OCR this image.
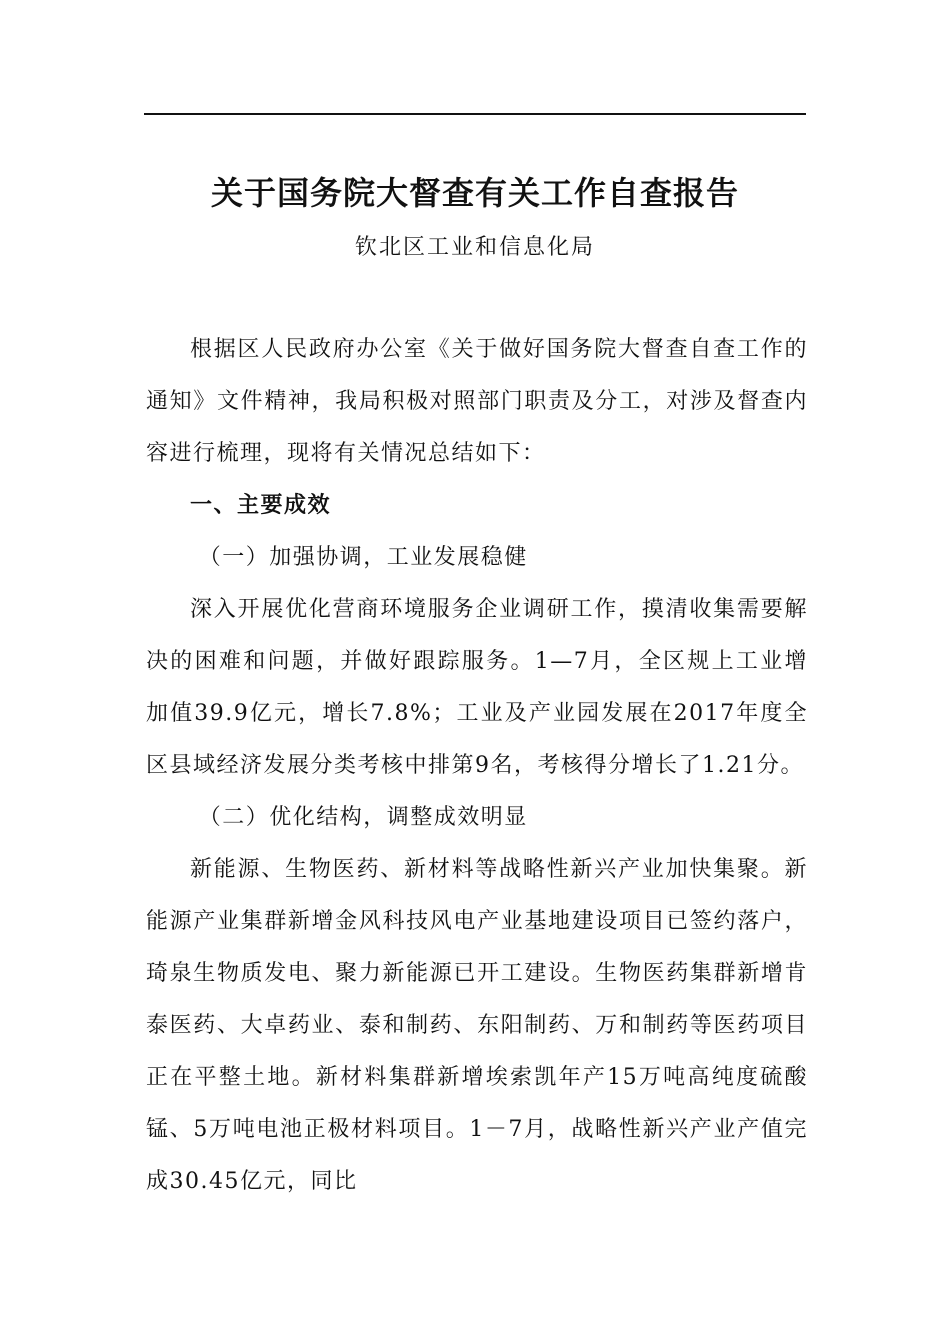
关于国务院大督查有关工作自查报告
钦北区工业和信息化局

根据区人民政府办公室《关于做好国务院大督查自查工作的通知》文件精神，我局积极对照部门职责及分工，对涉及督查内容进行梳理，现将有关情况总结如下：

一、主要成效

（一）加强协调，工业发展稳健

深入开展优化营商环境服务企业调研工作，摸清收集需要解决的困难和问题，并做好跟踪服务。1—7月，全区规上工业增加值39.9亿元，增长7.8%；工业及产业园发展在2017年度全区县域经济发展分类考核中排第9名，考核得分增长了1.21分。

（二）优化结构，调整成效明显

新能源、生物医药、新材料等战略性新兴产业加快集聚。新能源产业集群新增金风科技风电产业基地建设项目已签约落户，琦泉生物质发电、聚力新能源已开工建设。生物医药集群新增肯泰医药、大卓药业、泰和制药、东阳制药、万和制药等医药项目正在平整土地。新材料集群新增埃索凯年产15万吨高纯度硫酸锰、5万吨电池正极材料项目。1－7月，战略性新兴产业产值完成30.45亿元，同比
